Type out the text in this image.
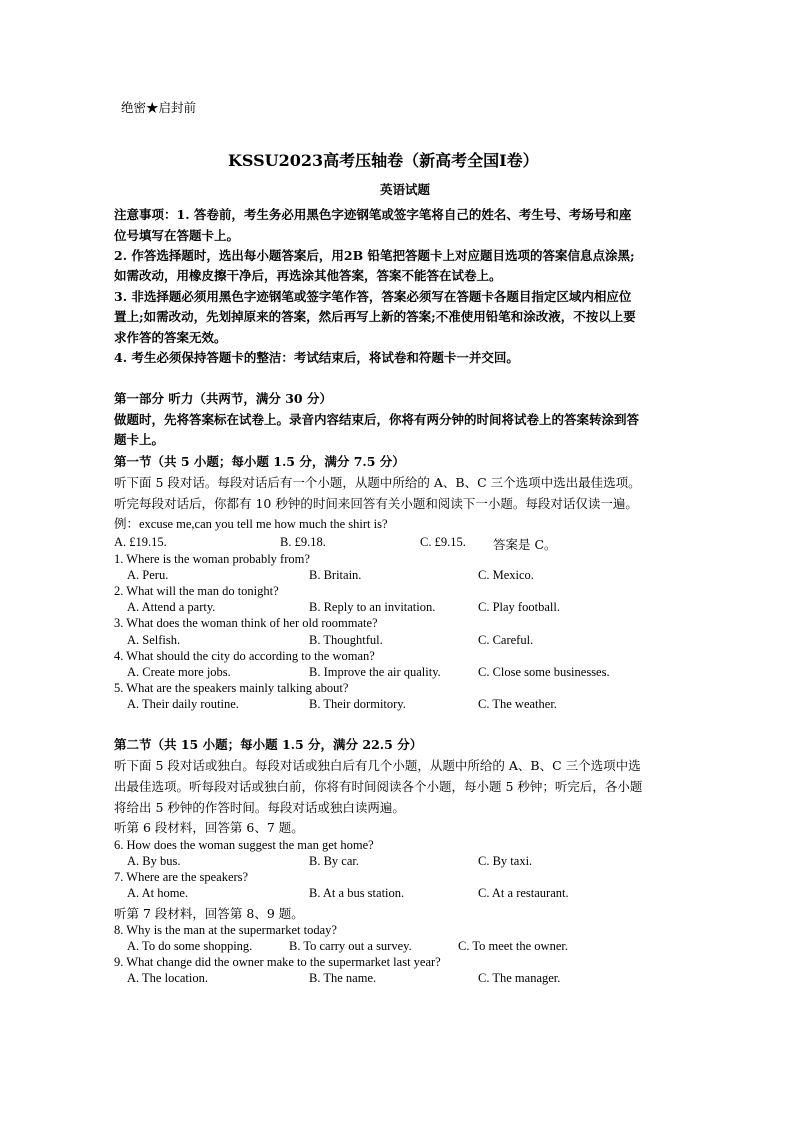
绝密★启封前
KSSU2023高考压轴卷（新高考全国Ⅰ卷）
英语试题
注意事项：1. 答卷前，考生务必用黑色字迹钢笔或签字笔将自己的姓名、考生号、考场号和座
位号填写在答题卡上。
2. 作答选择题时，选出每小题答案后，用2B 铅笔把答题卡上对应题目选项的答案信息点涂黑;
如需改动，用橡皮擦干净后，再选涂其他答案，答案不能答在试卷上。
3. 非选择题必须用黑色字迹钢笔或签字笔作答，答案必须写在答题卡各题目指定区域内相应位
置上;如需改动，先划掉原来的答案，然后再写上新的答案;不准使用铅笔和涂改液，不按以上要
求作答的答案无效。
4. 考生必须保持答题卡的整洁：考试结束后，将试卷和符题卡一并交回。
第一部分 听力（共两节，满分 30 分）
做题时，先将答案标在试卷上。录音内容结束后，你将有两分钟的时间将试卷上的答案转涂到答
题卡上。
第一节（共 5 小题；每小题 1.5 分，满分 7.5 分）
听下面 5 段对话。每段对话后有一个小题，从题中所给的 A、B、C 三个选项中选出最佳选项。
听完每段对话后，你都有 10 秒钟的时间来回答有关小题和阅读下一小题。每段对话仅读一遍。
例：excuse me,can you tell me how much the shirt is?
A. £19.15.	B. £9.18.	C. £9.15. 答案是 C。
1. Where is the woman probably from?
A. Peru.	B. Britain.	C. Mexico.
2. What will the man do tonight?
A. Attend a party.	B. Reply to an invitation.	C. Play football.
3. What does the woman think of her old roommate?
A. Selfish.	B. Thoughtful.	C. Careful.
4. What should the city do according to the woman?
A. Create more jobs.	B. Improve the air quality.	C. Close some businesses.
5. What are the speakers mainly talking about?
A. Their daily routine.	B. Their dormitory.	C. The weather.
第二节（共 15 小题；每小题 1.5 分，满分 22.5 分）
听下面 5 段对话或独白。每段对话或独白后有几个小题，从题中所给的 A、B、C 三个选项中选
出最佳选项。听每段对话或独白前，你将有时间阅读各个小题，每小题 5 秒钟；听完后，各小题
将给出 5 秒钟的作答时间。每段对话或独白读两遍。
听第 6 段材料，回答第 6、7 题。
6. How does the woman suggest the man get home?
A. By bus.	B. By car.	C. By taxi.
7. Where are the speakers?
A. At home.	B. At a bus station.	C. At a restaurant.
听第 7 段材料，回答第 8、9 题。
8. Why is the man at the supermarket today?
A. To do some shopping.	B. To carry out a survey.	C. To meet the owner.
9. What change did the owner make to the supermarket last year?
A. The location.	B. The name.	C. The manager.
